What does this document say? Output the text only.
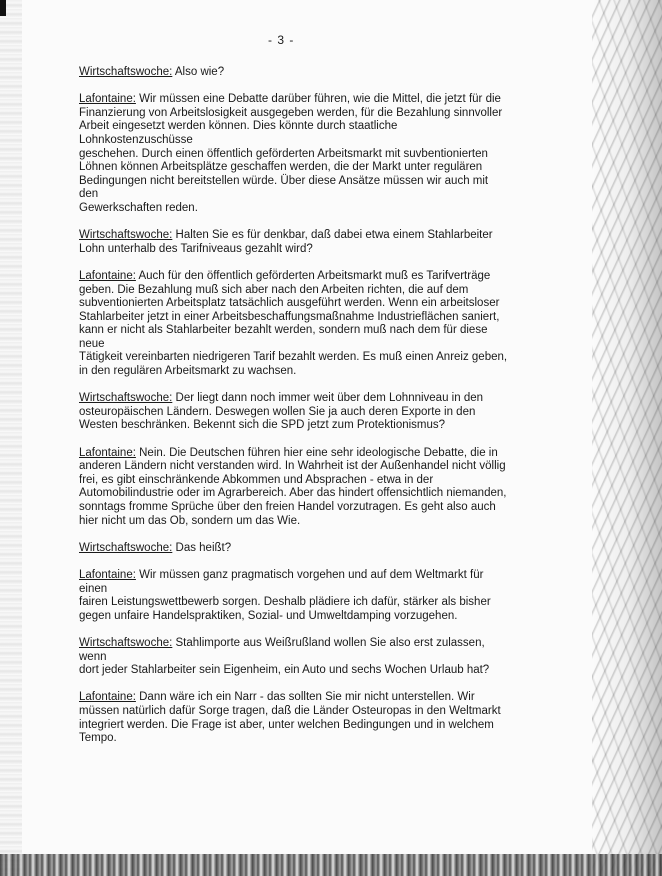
- 3 -

Wirtschaftswoche: Also wie?

Lafontaine: Wir müssen eine Debatte darüber führen, wie die Mittel, die jetzt für die
Finanzierung von Arbeitslosigkeit ausgegeben werden, für die Bezahlung sinnvoller
Arbeit eingesetzt werden können. Dies könnte durch staatliche Lohnkostenzuschüsse
geschehen. Durch einen öffentlich geförderten Arbeitsmarkt mit suvbentionierten
Löhnen können Arbeitsplätze geschaffen werden, die der Markt unter regulären
Bedingungen nicht bereitstellen würde. Über diese Ansätze müssen wir auch mit den
Gewerkschaften reden.

Wirtschaftswoche: Halten Sie es für denkbar, daß dabei etwa einem Stahlarbeiter
Lohn unterhalb des Tarifniveaus gezahlt wird?

Lafontaine: Auch für den öffentlich geförderten Arbeitsmarkt muß es Tarifverträge
geben. Die Bezahlung muß sich aber nach den Arbeiten richten, die auf dem
subventionierten Arbeitsplatz tatsächlich ausgeführt werden. Wenn ein arbeitsloser
Stahlarbeiter jetzt in einer Arbeitsbeschaffungsmaßnahme Industrieflächen saniert,
kann er nicht als Stahlarbeiter bezahlt werden, sondern muß nach dem für diese neue
Tätigkeit vereinbarten niedrigeren Tarif bezahlt werden. Es muß einen Anreiz geben,
in den regulären Arbeitsmarkt zu wachsen.

Wirtschaftswoche: Der liegt dann noch immer weit über dem Lohnniveau in den
osteuropäischen Ländern. Deswegen wollen Sie ja auch deren Exporte in den
Westen beschränken. Bekennt sich die SPD jetzt zum Protektionismus?

Lafontaine: Nein. Die Deutschen führen hier eine sehr ideologische Debatte, die in
anderen Ländern nicht verstanden wird. In Wahrheit ist der Außenhandel nicht völlig
frei, es gibt einschränkende Abkommen und Absprachen - etwa in der
Automobilindustrie oder im Agrarbereich. Aber das hindert offensichtlich niemanden,
sonntags fromme Sprüche über den freien Handel vorzutragen. Es geht also auch
hier nicht um das Ob, sondern um das Wie.

Wirtschaftswoche: Das heißt?

Lafontaine: Wir müssen ganz pragmatisch vorgehen und auf dem Weltmarkt für einen
fairen Leistungswettbewerb sorgen. Deshalb plädiere ich dafür, stärker als bisher
gegen unfaire Handelspraktiken, Sozial- und Umweltdamping vorzugehen.

Wirtschaftswoche: Stahlimporte aus Weißrußland wollen Sie also erst zulassen, wenn
dort jeder Stahlarbeiter sein Eigenheim, ein Auto und sechs Wochen Urlaub hat?

Lafontaine: Dann wäre ich ein Narr - das sollten Sie mir nicht unterstellen. Wir
müssen natürlich dafür Sorge tragen, daß die Länder Osteuropas in den Weltmarkt
integriert werden. Die Frage ist aber, unter welchen Bedingungen und in welchem
Tempo.
